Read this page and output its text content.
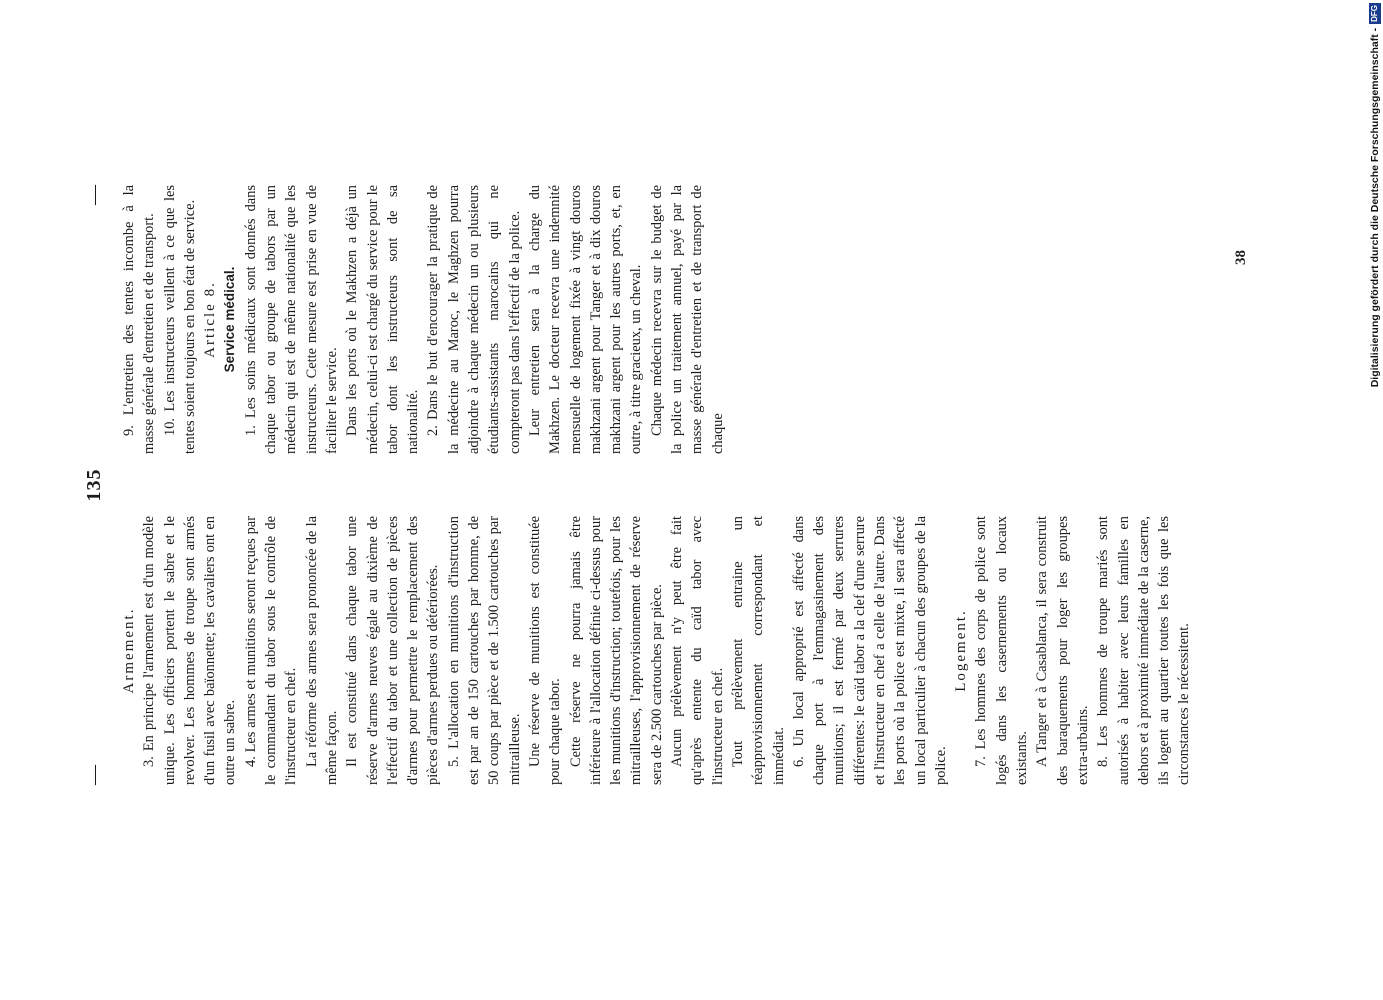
—
135
—
Armement. 3. En principe l'armement est d'un modèle unique. Les officiers portent le sabre et le revolver. Les hommes de troupe sont armés d'un fusil avec baïonnette; les cavaliers ont en outre un sabre. 4. Les armes et munitions seront reçues par le commandant du tabor sous le contrôle de l'instructeur en chef. La réforme des armes sera prononcée de la même façon. Il est constitué dans chaque tabor une réserve d'armes neuves égale au dixième de l'effectif du tabor et une collection de pièces d'armes pour permettre le remplacement des pièces d'armes perdues ou détériorées. 5. L'allocation en munitions d'instruction est par an de 150 cartouches par homme, de 50 coups par pièce et de 1.500 cartouches par mitrailleuse. Une réserve de munitions est constituée pour chaque tabor. Cette réserve ne pourra jamais être inférieure à l'allocation définie ci-dessus pour les munitions d'instruction; toutefois, pour les mitrailleuses, l'approvisionnement de réserve sera de 2.500 cartouches par pièce. Aucun prélèvement n'y peut être fait qu'après entente du caïd tabor avec l'instructeur en chef. Tout prélèvement entraine un réapprovisionnement correspondant et immédiat. 6. Un local approprié est affecté dans chaque port à l'emmagasinement des munitions; il est fermé par deux serrures différentes: le caïd tabor a la clef d'une serrure et l'instructeur en chef a celle de l'autre. Dans les ports où la police est mixte, il sera affecté un local particulier à chacun des groupes de la police.

Logement. 7. Les hommes des corps de police sont logés dans les casernements ou locaux existants. A Tanger et à Casablanca, il sera construit des baraquements pour loger les groupes extra-urbains. 8. Les hommes de troupe mariés sont autorisés à habiter avec leurs familles en dehors et à proximité immédiate de la caserne, ils logent au quartier toutes les fois que les circonstances le nécessitent.

9. L'entretien des tentes incombe à la masse générale d'entretien et de transport. 10. Les instructeurs veillent à ce que les tentes soient toujours en bon état de service. Article 8. Service médical. 1. Les soins médicaux sont donnés dans chaque tabor ou groupe de tabors par un médecin qui est de même nationalité que les instructeurs. Cette mesure est prise en vue de faciliter le service. Dans les ports où le Makhzen a déjà un médecin, celui-ci est chargé du service pour le tabor dont les instructeurs sont de sa nationalité. 2. Dans le but d'encourager la pratique de la médecine au Maroc, le Maghzen pourra adjoindre à chaque médecin un ou plusieurs étudiants-assistants marocains qui ne compteront pas dans l'effectif de la police. Leur entretien sera à la charge du Makhzen. Le docteur recevra une indemnité mensuelle de logement fixée à vingt douros makhzani argent pour Tanger et à dix douros makhzani argent pour les autres ports, et, en outre, à titre gracieux, un cheval. Chaque médecin recevra sur le budget de la police un traitement annuel, payé par la masse générale d'entretien et de transport de chaque

38	Digitalisierung gefördert durch die Deutsche Forschungsgemeinschaft -
DFG
